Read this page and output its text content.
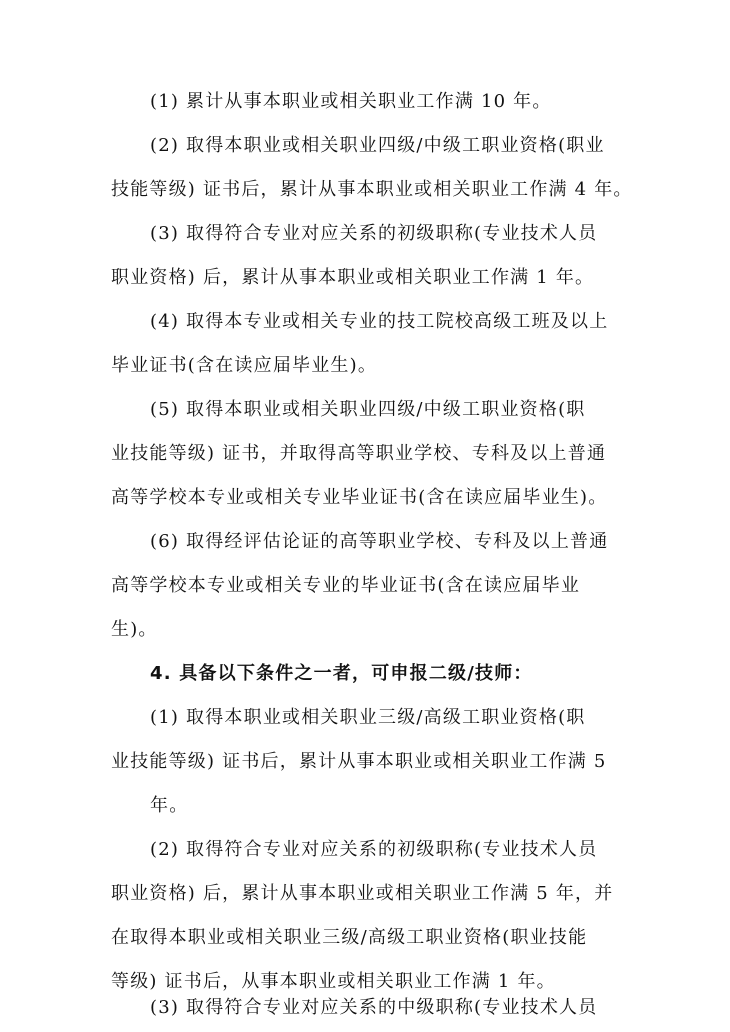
(1) 累计从事本职业或相关职业工作满 10 年。
(2) 取得本职业或相关职业四级/中级工职业资格(职业
技能等级) 证书后，累计从事本职业或相关职业工作满 4 年。
(3) 取得符合专业对应关系的初级职称(专业技术人员
职业资格) 后，累计从事本职业或相关职业工作满 1 年。
(4) 取得本专业或相关专业的技工院校高级工班及以上
毕业证书(含在读应届毕业生)。
(5) 取得本职业或相关职业四级/中级工职业资格(职
业技能等级) 证书，并取得高等职业学校、专科及以上普通
高等学校本专业或相关专业毕业证书(含在读应届毕业生)。
(6) 取得经评估论证的高等职业学校、专科及以上普通
高等学校本专业或相关专业的毕业证书(含在读应届毕业
生)。
4. 具备以下条件之一者，可申报二级/技师：
(1) 取得本职业或相关职业三级/高级工职业资格(职
业技能等级) 证书后，累计从事本职业或相关职业工作满 5
年。
(2) 取得符合专业对应关系的初级职称(专业技术人员
职业资格) 后，累计从事本职业或相关职业工作满 5 年，并
在取得本职业或相关职业三级/高级工职业资格(职业技能
等级) 证书后，从事本职业或相关职业工作满 1 年。
(3) 取得符合专业对应关系的中级职称(专业技术人员
